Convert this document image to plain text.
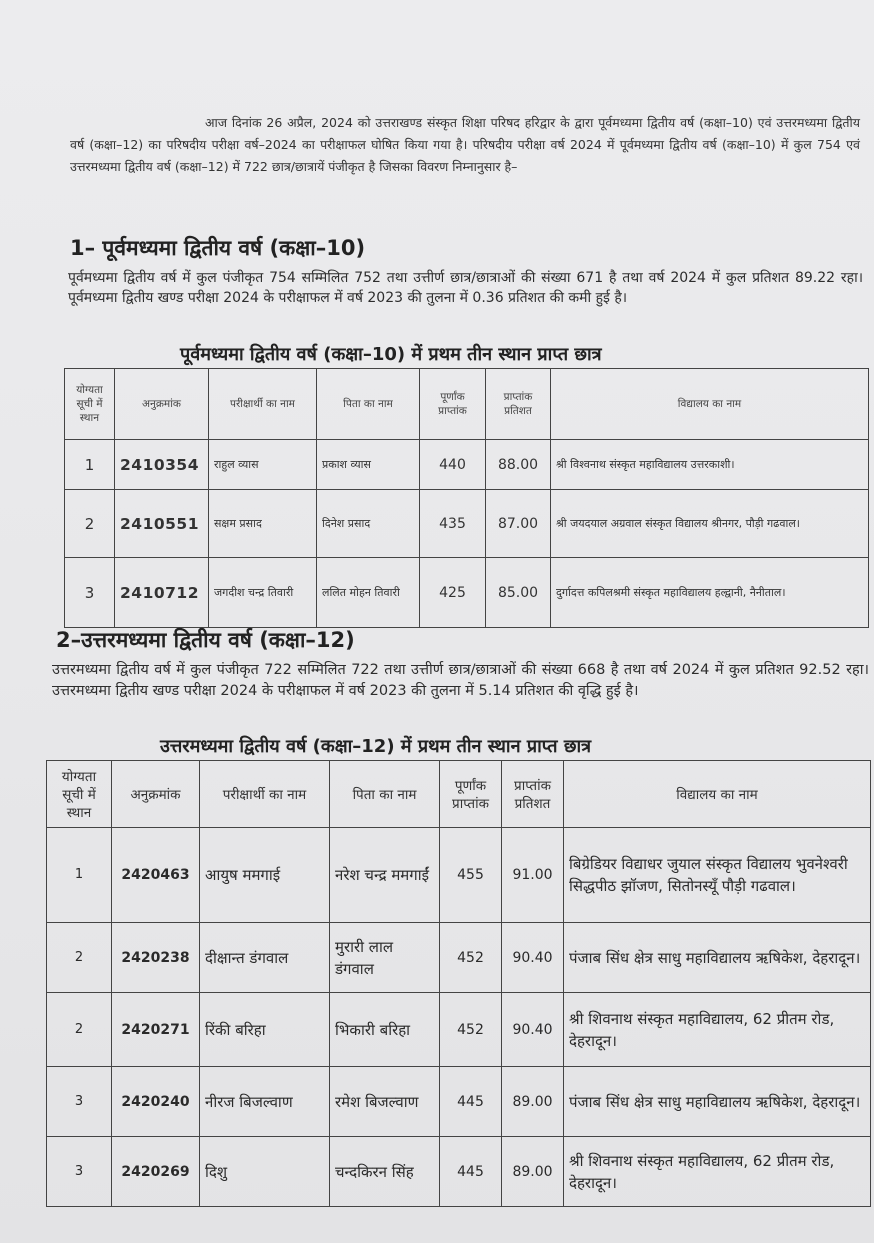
आज दिनांक 26 अप्रैल, 2024 को उत्तराखण्ड संस्कृत शिक्षा परिषद हरिद्वार के द्वारा पूर्वमध्यमा द्वितीय वर्ष (कक्षा–10) एवं उत्तरमध्यमा द्वितीय वर्ष (कक्षा–12) का परिषदीय परीक्षा वर्ष–2024 का परीक्षाफल घोषित किया गया है। परिषदीय परीक्षा वर्ष 2024 में पूर्वमध्यमा द्वितीय वर्ष (कक्षा–10) में कुल 754 एवं उत्तरमध्यमा द्वितीय वर्ष (कक्षा–12) में 722 छात्र/छात्रायें पंजीकृत है जिसका विवरण निम्नानुसार है–
1– पूर्वमध्यमा द्वितीय वर्ष (कक्षा–10)
पूर्वमध्यमा द्वितीय वर्ष में कुल पंजीकृत 754 सम्मिलित 752 तथा उत्तीर्ण छात्र/छात्राओं की संख्या 671 है तथा वर्ष 2024 में कुल प्रतिशत 89.22 रहा। पूर्वमध्यमा द्वितीय खण्ड परीक्षा 2024 के परीक्षाफल में वर्ष 2023 की तुलना में 0.36 प्रतिशत की कमी हुई है।
पूर्वमध्यमा द्वितीय वर्ष (कक्षा–10) में प्रथम तीन स्थान प्राप्त छात्र
योग्यता सूची में स्थान	अनुक्रमांक	परीक्षार्थी का नाम	पिता का नाम	पूर्णांक प्राप्तांक	प्राप्तांक प्रतिशत	विद्यालय का नाम
1	2410354	राहुल व्यास	प्रकाश व्यास	440	88.00	श्री विश्वनाथ संस्कृत महाविद्यालय उत्तरकाशी।
2	2410551	सक्षम प्रसाद	दिनेश प्रसाद	435	87.00	श्री जयदयाल अग्रवाल संस्कृत विद्यालय श्रीनगर, पौड़ी गढवाल।
3	2410712	जगदीश चन्द्र तिवारी	ललित मोहन तिवारी	425	85.00	दुर्गादत्त कपिलश्रमी संस्कृत महाविद्यालय हल्द्वानी, नैनीताल।
2–उत्तरमध्यमा द्वितीय वर्ष (कक्षा–12)
उत्तरमध्यमा द्वितीय वर्ष में कुल पंजीकृत 722 सम्मिलित 722 तथा उत्तीर्ण छात्र/छात्राओं की संख्या 668 है तथा वर्ष 2024 में कुल प्रतिशत 92.52 रहा। उत्तरमध्यमा द्वितीय खण्ड परीक्षा 2024 के परीक्षाफल में वर्ष 2023 की तुलना में 5.14 प्रतिशत की वृद्धि हुई है।
उत्तरमध्यमा द्वितीय वर्ष (कक्षा–12) में प्रथम तीन स्थान प्राप्त छात्र
योग्यता सूची में स्थान	अनुक्रमांक	परीक्षार्थी का नाम	पिता का नाम	पूर्णांक प्राप्तांक	प्राप्तांक प्रतिशत	विद्यालय का नाम
1	2420463	आयुष ममगाई	नरेश चन्द्र ममगाईं	455	91.00	बिग्रेडियर विद्याधर जुयाल संस्कृत विद्यालय भुवनेश्वरी सिद्धपीठ झॉजण, सितोनस्यूँ पौड़ी गढवाल।
2	2420238	दीक्षान्त डंगवाल	मुरारी लाल डंगवाल	452	90.40	पंजाब सिंध क्षेत्र साधु महाविद्यालय ऋषिकेश, देहरादून।
2	2420271	रिंकी बरिहा	भिकारी बरिहा	452	90.40	श्री शिवनाथ संस्कृत महाविद्यालय, 62 प्रीतम रोड, देहरादून।
3	2420240	नीरज बिजल्वाण	रमेश बिजल्वाण	445	89.00	पंजाब सिंध क्षेत्र साधु महाविद्यालय ऋषिकेश, देहरादून।
3	2420269	दिशु	चन्दकिरन सिंह	445	89.00	श्री शिवनाथ संस्कृत महाविद्यालय, 62 प्रीतम रोड, देहरादून।
